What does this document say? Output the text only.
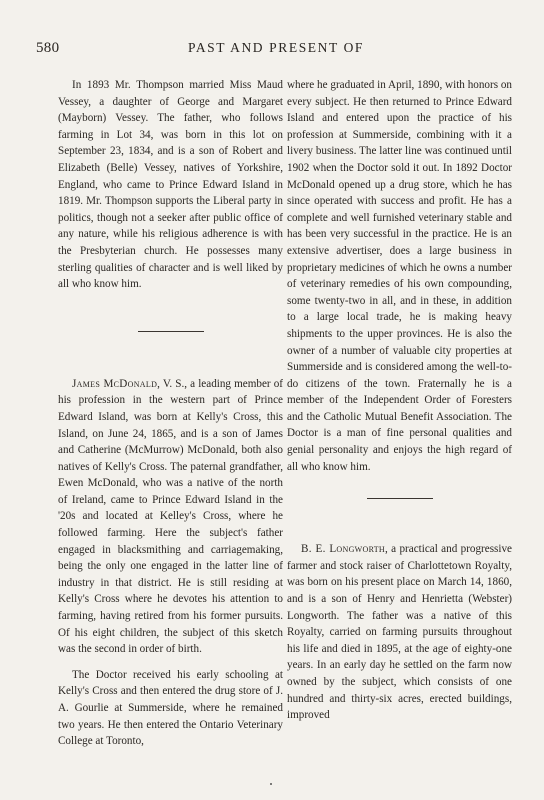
580	PAST AND PRESENT OF

In 1893 Mr. Thompson married Miss Maud Vessey, a daughter of George and Margaret (Mayborn) Vessey. The father, who follows farming in Lot 34, was born in this lot on September 23, 1834, and is a son of Robert and Elizabeth (Belle) Vessey, natives of Yorkshire, England, who came to Prince Edward Island in 1819. Mr. Thompson supports the Liberal party in politics, though not a seeker after public office of any nature, while his religious adherence is with the Presbyterian church. He possesses many sterling qualities of character and is well liked by all who know him.

James McDonald, V. S., a leading member of his profession in the western part of Prince Edward Island, was born at Kelly's Cross, this Island, on June 24, 1865, and is a son of James and Catherine (McMurrow) McDonald, both also natives of Kelly's Cross. The paternal grandfather, Ewen McDonald, who was a native of the north of Ireland, came to Prince Edward Island in the '20s and located at Kelley's Cross, where he followed farming. Here the subject's father engaged in blacksmithing and carriagemaking, being the only one engaged in the latter line of industry in that district. He is still residing at Kelly's Cross where he devotes his attention to farming, having retired from his former pursuits. Of his eight children, the subject of this sketch was the second in order of birth.

The Doctor received his early schooling at Kelly's Cross and then entered the drug store of J. A. Gourlie at Summerside, where he remained two years. He then entered the Ontario Veterinary College at Toronto,

where he graduated in April, 1890, with honors on every subject. He then returned to Prince Edward Island and entered upon the practice of his profession at Summerside, combining with it a livery business. The latter line was continued until 1902 when the Doctor sold it out. In 1892 Doctor McDonald opened up a drug store, which he has since operated with success and profit. He has a complete and well furnished veterinary stable and has been very successful in the practice. He is an extensive advertiser, does a large business in proprietary medicines of which he owns a number of veterinary remedies of his own compounding, some twenty-two in all, and in these, in addition to a large local trade, he is making heavy shipments to the upper provinces. He is also the owner of a number of valuable city properties at Summerside and is considered among the well-to-do citizens of the town. Fraternally he is a member of the Independent Order of Foresters and the Catholic Mutual Benefit Association. The Doctor is a man of fine personal qualities and genial personality and enjoys the high regard of all who know him.

B. E. Longworth, a practical and progressive farmer and stock raiser of Charlottetown Royalty, was born on his present place on March 14, 1860, and is a son of Henry and Henrietta (Webster) Longworth. The father was a native of this Royalty, carried on farming pursuits throughout his life and died in 1895, at the age of eighty-one years. In an early day he settled on the farm now owned by the subject, which consists of one hundred and thirty-six acres, erected buildings, improved
